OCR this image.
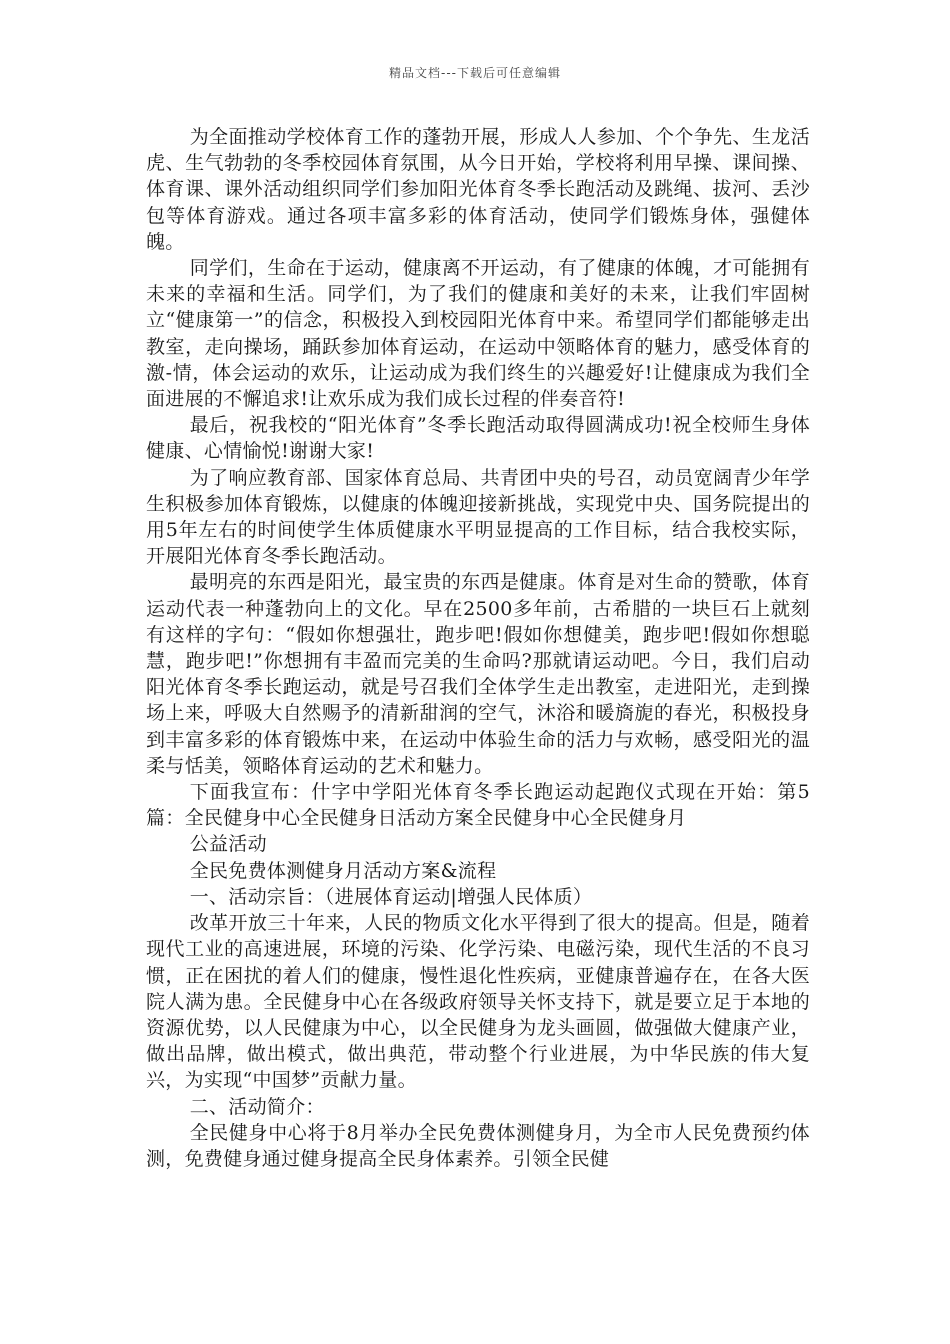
精品文档---下载后可任意编辑

为全面推动学校体育工作的蓬勃开展，形成人人参加、个个争先、生龙活虎、生气勃勃的冬季校园体育氛围，从今日开始，学校将利用早操、课间操、体育课、课外活动组织同学们参加阳光体育冬季长跑活动及跳绳、拔河、丢沙包等体育游戏。通过各项丰富多彩的体育活动，使同学们锻炼身体，强健体魄。

同学们，生命在于运动，健康离不开运动，有了健康的体魄，才可能拥有未来的幸福和生活。同学们，为了我们的健康和美好的未来，让我们牢固树立“健康第一”的信念，积极投入到校园阳光体育中来。希望同学们都能够走出教室，走向操场，踊跃参加体育运动，在运动中领略体育的魅力，感受体育的激-情，体会运动的欢乐，让运动成为我们终生的兴趣爱好!让健康成为我们全面进展的不懈追求!让欢乐成为我们成长过程的伴奏音符!

最后，祝我校的“阳光体育”冬季长跑活动取得圆满成功!祝全校师生身体健康、心情愉悦!谢谢大家!

为了响应教育部、国家体育总局、共青团中央的号召，动员宽阔青少年学生积极参加体育锻炼，以健康的体魄迎接新挑战，实现党中央、国务院提出的用5年左右的时间使学生体质健康水平明显提高的工作目标，结合我校实际，开展阳光体育冬季长跑活动。

最明亮的东西是阳光，最宝贵的东西是健康。体育是对生命的赞歌，体育运动代表一种蓬勃向上的文化。早在2500多年前，古希腊的一块巨石上就刻有这样的字句：“假如你想强壮，跑步吧!假如你想健美，跑步吧!假如你想聪慧，跑步吧!”你想拥有丰盈而完美的生命吗?那就请运动吧。今日，我们启动阳光体育冬季长跑运动，就是号召我们全体学生走出教室，走进阳光，走到操场上来，呼吸大自然赐予的清新甜润的空气，沐浴和暖旖旎的春光，积极投身到丰富多彩的体育锻炼中来，在运动中体验生命的活力与欢畅，感受阳光的温柔与恬美，领略体育运动的艺术和魅力。

下面我宣布：什字中学阳光体育冬季长跑运动起跑仪式现在开始：第5篇：全民健身中心全民健身日活动方案全民健身中心全民健身月

公益活动

全民免费体测健身月活动方案&流程

一、活动宗旨：（进展体育运动|增强人民体质）

改革开放三十年来，人民的物质文化水平得到了很大的提高。但是，随着现代工业的高速进展，环境的污染、化学污染、电磁污染，现代生活的不良习惯，正在困扰的着人们的健康，慢性退化性疾病，亚健康普遍存在，在各大医院人满为患。全民健身中心在各级政府领导关怀支持下，就是要立足于本地的资源优势，以人民健康为中心，以全民健身为龙头画圆，做强做大健康产业，做出品牌，做出模式，做出典范，带动整个行业进展，为中华民族的伟大复兴，为实现“中国梦”贡献力量。

二、活动简介：

全民健身中心将于8月举办全民免费体测健身月，为全市人民免费预约体测，免费健身通过健身提高全民身体素养。引领全民健
